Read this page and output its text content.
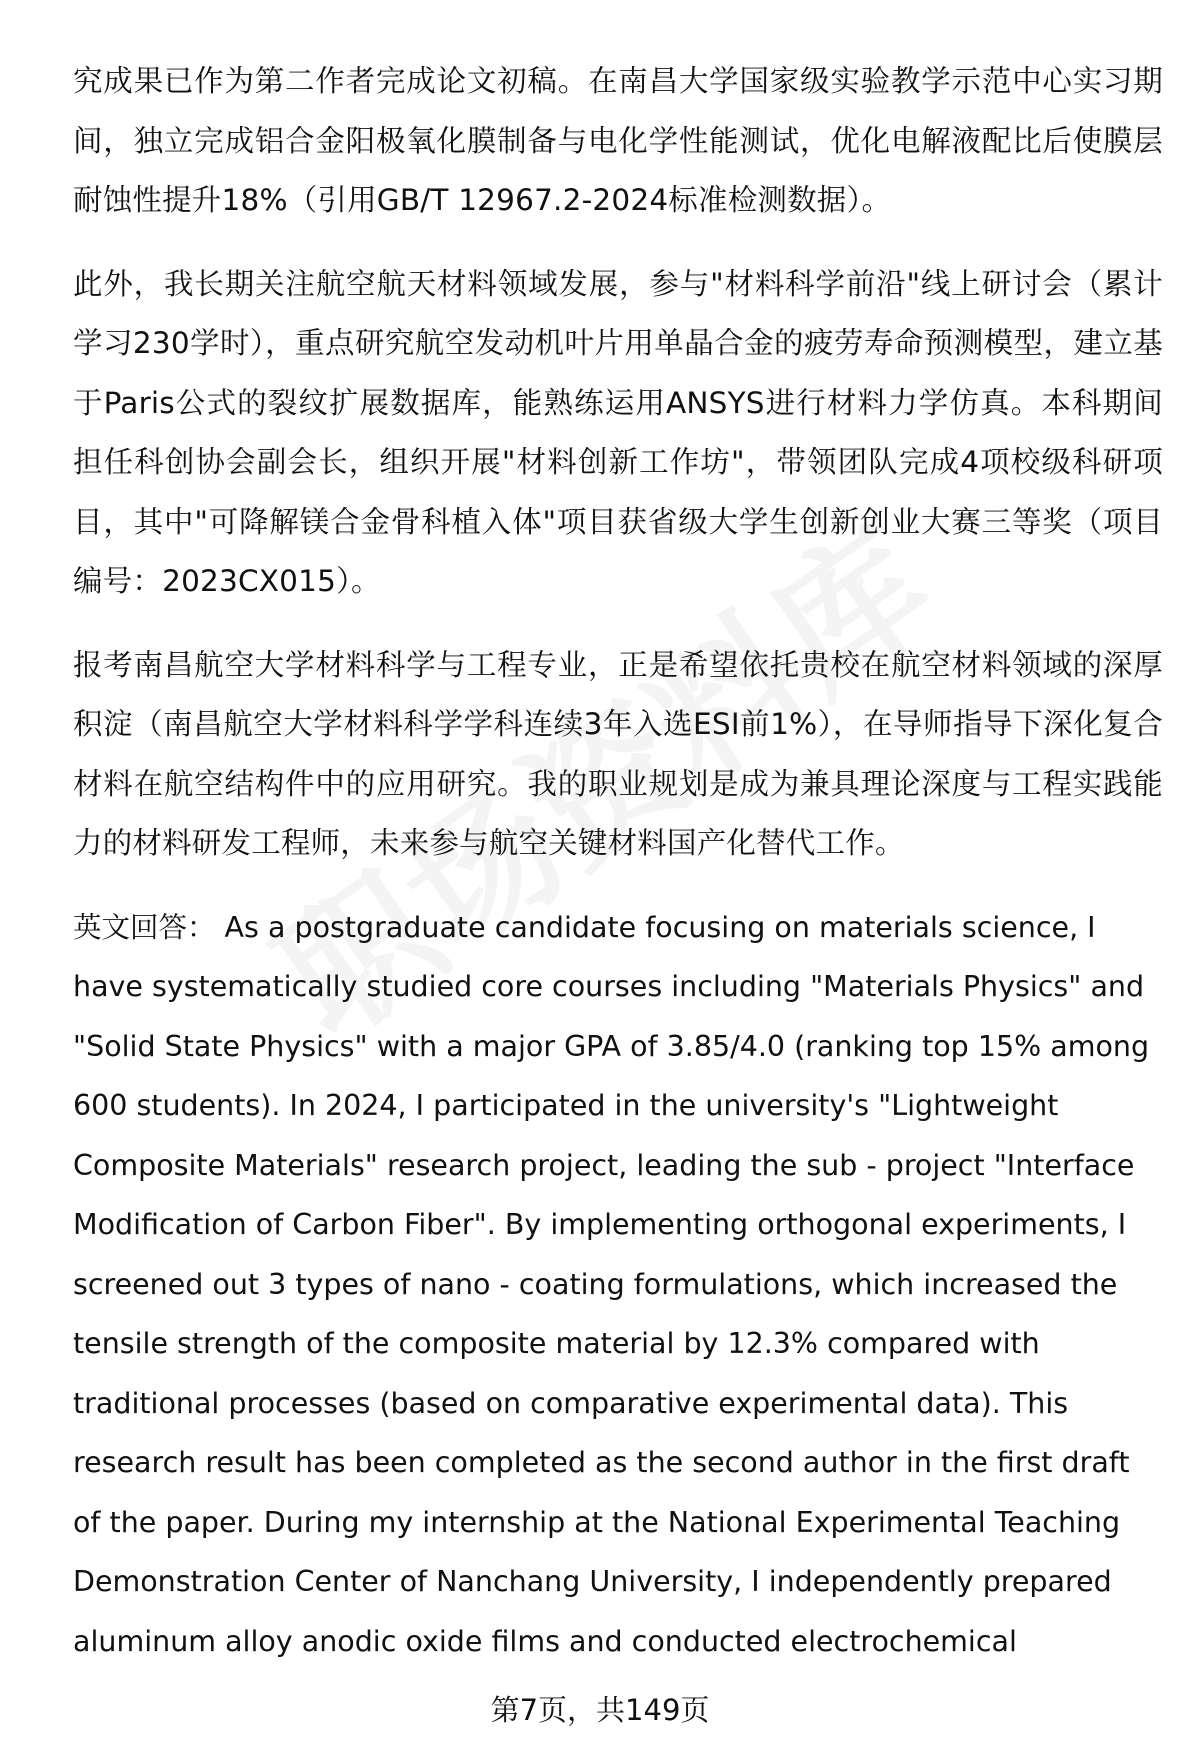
究成果已作为第二作者完成论文初稿。在南昌大学国家级实验教学示范中心实习期间，独立完成铝合金阳极氧化膜制备与电化学性能测试，优化电解液配比后使膜层耐蚀性提升18%（引用GB/T 12967.2-2024标准检测数据）。

此外，我长期关注航空航天材料领域发展，参与"材料科学前沿"线上研讨会（累计学习230学时），重点研究航空发动机叶片用单晶合金的疲劳寿命预测模型，建立基于Paris公式的裂纹扩展数据库，能熟练运用ANSYS进行材料力学仿真。本科期间担任科创协会副会长，组织开展"材料创新工作坊"，带领团队完成4项校级科研项目，其中"可降解镁合金骨科植入体"项目获省级大学生创新创业大赛三等奖（项目编号：2023CX015）。

报考南昌航空大学材料科学与工程专业，正是希望依托贵校在航空材料领域的深厚积淀（南昌航空大学材料科学学科连续3年入选ESI前1%），在导师指导下深化复合材料在航空结构件中的应用研究。我的职业规划是成为兼具理论深度与工程实践能力的材料研发工程师，未来参与航空关键材料国产化替代工作。

英文回答： As a postgraduate candidate focusing on materials science, I have systematically studied core courses including "Materials Physics" and "Solid State Physics" with a major GPA of 3.85/4.0 (ranking top 15% among 600 students). In 2024, I participated in the university's "Lightweight Composite Materials" research project, leading the sub - project "Interface Modification of Carbon Fiber". By implementing orthogonal experiments, I screened out 3 types of nano - coating formulations, which increased the tensile strength of the composite material by 12.3% compared with traditional processes (based on comparative experimental data). This research result has been completed as the second author in the first draft of the paper. During my internship at the National Experimental Teaching Demonstration Center of Nanchang University, I independently prepared aluminum alloy anodic oxide films and conducted electrochemical

第7页，共149页
